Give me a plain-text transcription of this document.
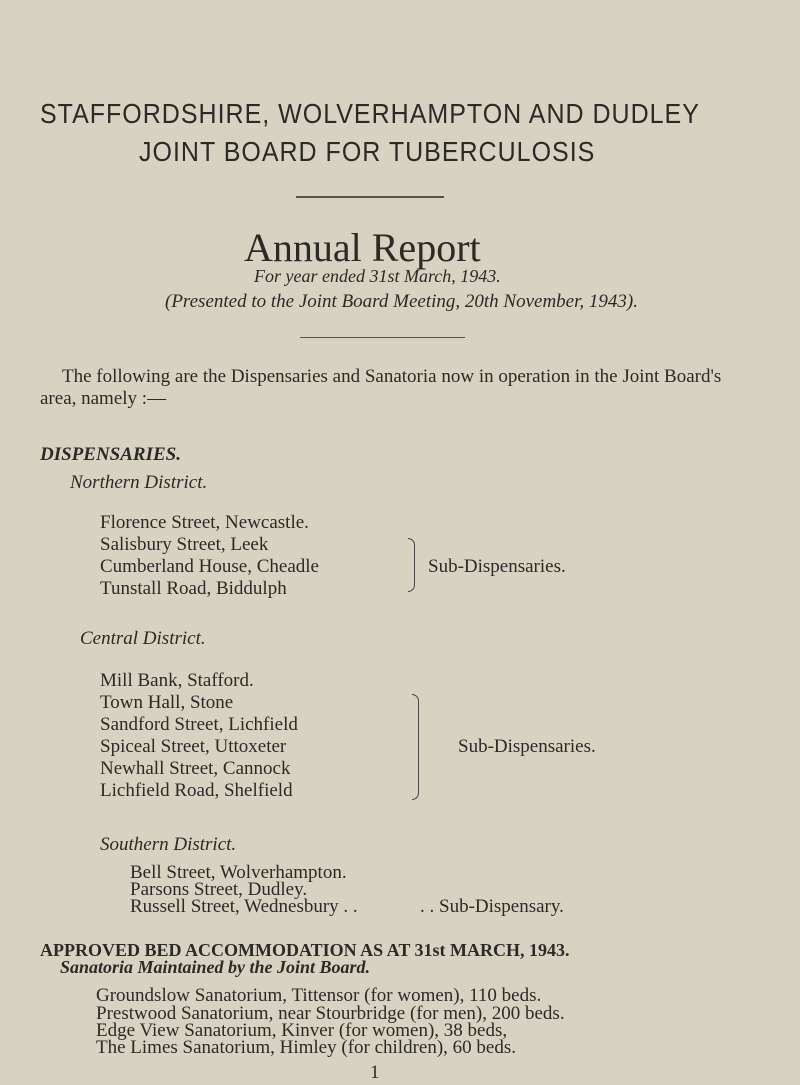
STAFFORDSHIRE, WOLVERHAMPTON AND DUDLEY
JOINT BOARD FOR TUBERCULOSIS
Annual Report
For year ended 31st March, 1943.
(Presented to the Joint Board Meeting, 20th November, 1943).
The following are the Dispensaries and Sanatoria now in operation in the Joint Board's
area, namely :—
DISPENSARIES.
Northern District.
Florence Street, Newcastle.
Salisbury Street, Leek
Cumberland House, Cheadle
Tunstall Road, Biddulph
Sub-Dispensaries.
Central District.
Mill Bank, Stafford.
Town Hall, Stone
Sandford Street, Lichfield
Spiceal Street, Uttoxeter
Newhall Street, Cannock
Lichfield Road, Shelfield
Sub-Dispensaries.
Southern District.
Bell Street, Wolverhampton.
Parsons Street, Dudley.
Russell Street, Wednesbury . .	. . Sub-Dispensary.
APPROVED BED ACCOMMODATION AS AT 31st MARCH, 1943.
Sanatoria Maintained by the Joint Board.
Groundslow Sanatorium, Tittensor (for women), 110 beds.
Prestwood Sanatorium, near Stourbridge (for men), 200 beds.
Edge View Sanatorium, Kinver (for women), 38 beds,
The Limes Sanatorium, Himley (for children), 60 beds.
1
